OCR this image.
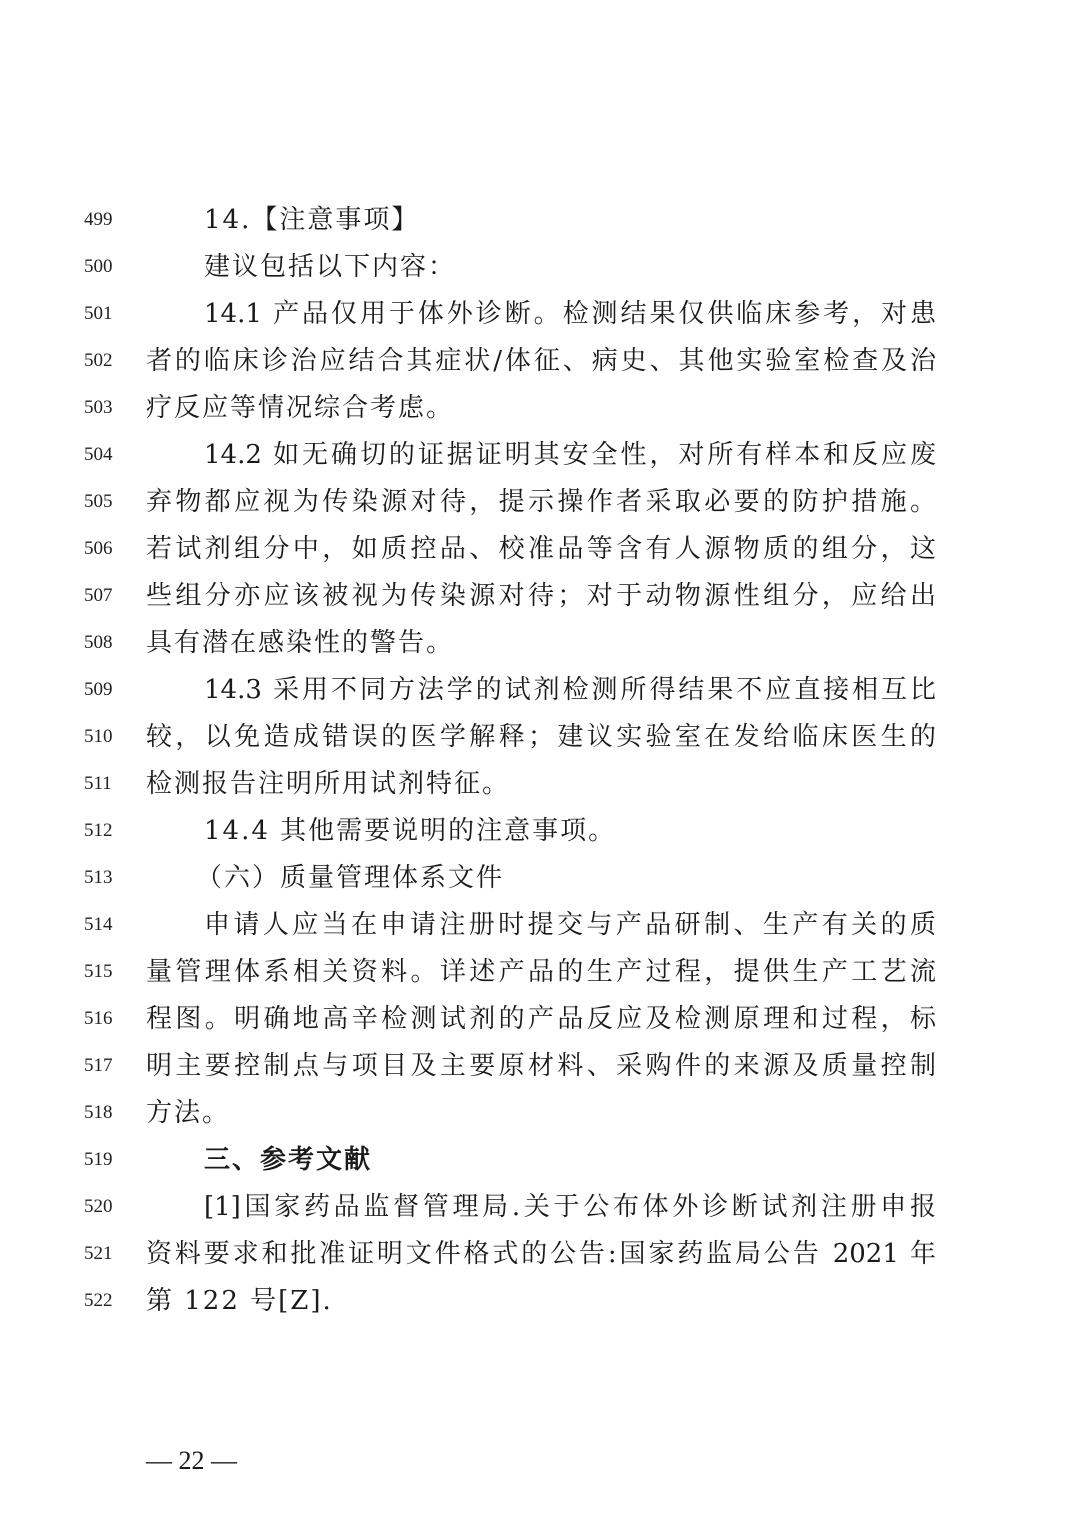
499	14.【注意事项】
500	建议包括以下内容：
501	14.1 产品仅用于体外诊断。检测结果仅供临床参考，对患
502 者的临床诊治应结合其症状/体征、病史、其他实验室检查及治
503 疗反应等情况综合考虑。
504	14.2 如无确切的证据证明其安全性，对所有样本和反应废
505 弃物都应视为传染源对待，提示操作者采取必要的防护措施。
506 若试剂组分中，如质控品、校准品等含有人源物质的组分，这
507 些组分亦应该被视为传染源对待；对于动物源性组分，应给出
508 具有潜在感染性的警告。
509	14.3 采用不同方法学的试剂检测所得结果不应直接相互比
510 较，以免造成错误的医学解释；建议实验室在发给临床医生的
511 检测报告注明所用试剂特征。
512	14.4 其他需要说明的注意事项。
513	（六）质量管理体系文件
514	申请人应当在申请注册时提交与产品研制、生产有关的质
515 量管理体系相关资料。详述产品的生产过程，提供生产工艺流
516 程图。明确地高辛检测试剂的产品反应及检测原理和过程，标
517 明主要控制点与项目及主要原材料、采购件的来源及质量控制
518 方法。
519	三、参考文献
520	[1]国家药品监督管理局.关于公布体外诊断试剂注册申报
521 资料要求和批准证明文件格式的公告:国家药监局公告 2021 年
522 第 122 号[Z].
— 22 —
